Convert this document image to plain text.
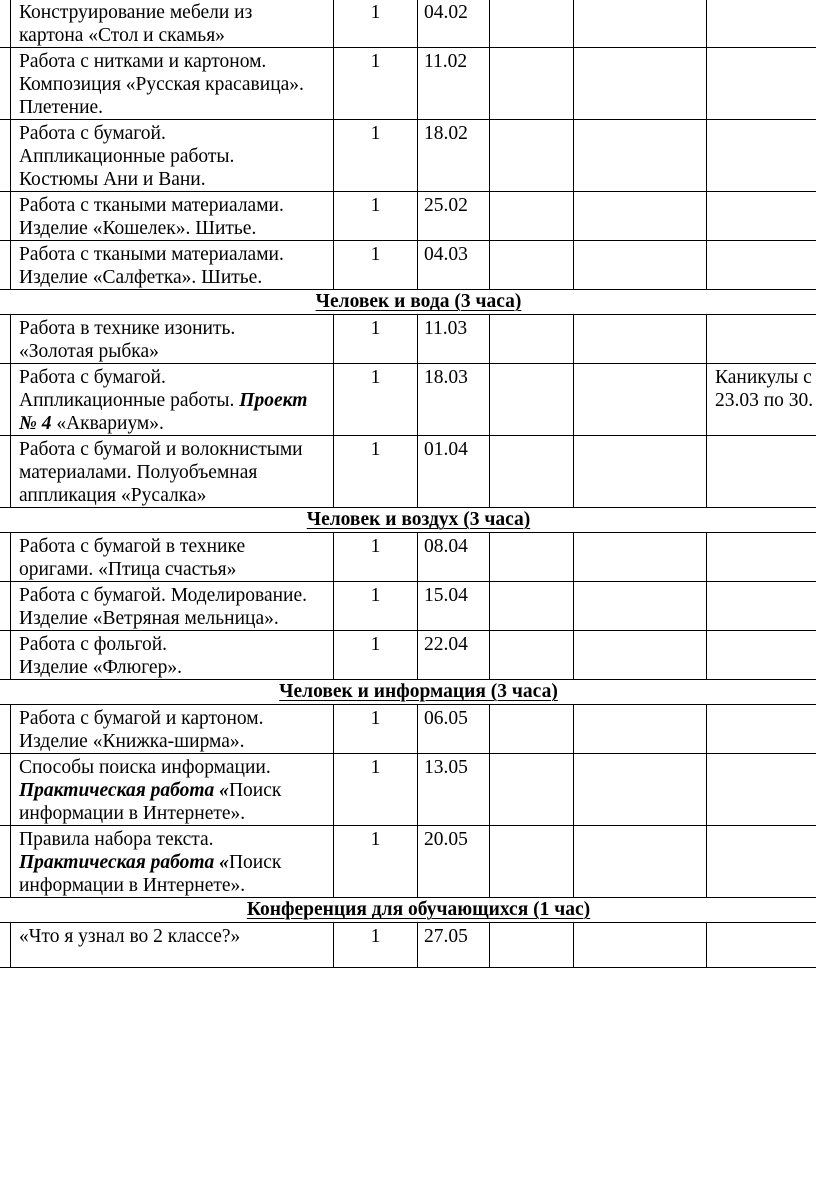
	Конструирование мебели из
картона «Стол и скамья»	1	04.02			

	Работа с нитками и картоном.
Композиция «Русская красавица».
Плетение.	1	11.02			

	Работа с бумагой.
Аппликационные работы.
Костюмы Ани и Вани.	1	18.02			

	Работа с ткаными материалами.
Изделие «Кошелек». Шитье.	1	25.02			

	Работа с ткаными материалами.
Изделие «Салфетка». Шитье.	1	04.03			
Человек и вода (3 часа)						

	Работа в технике изонить.
«Золотая рыбка»	1	11.03			

	Работа с бумагой.
Аппликационные работы. Проект
№ 4 «Аквариум».	1	18.03			Каникулы с
23.03 по 30.

	Работа с бумагой и волокнистыми
материалами. Полуобъемная
аппликация «Русалка»	1	01.04			
Человек и воздух (3 часа)						

	Работа с бумагой в технике
оригами. «Птица счастья»	1	08.04			

	Работа с бумагой. Моделирование.
Изделие «Ветряная мельница».	1	15.04			

	Работа с фольгой.
Изделие «Флюгер».	1	22.04			
Человек и информация (3 часа)						

	Работа с бумагой и картоном.
Изделие «Книжка-ширма».	1	06.05			

	Способы поиска информации.
Практическая работа «Поиск
информации в Интернете».	1	13.05			

	Правила набора текста.
Практическая работа «Поиск
информации в Интернете».	1	20.05			
Конференция для обучающихся (1 час)						

	«Что я узнал во 2 классе?»	1	27.05			
